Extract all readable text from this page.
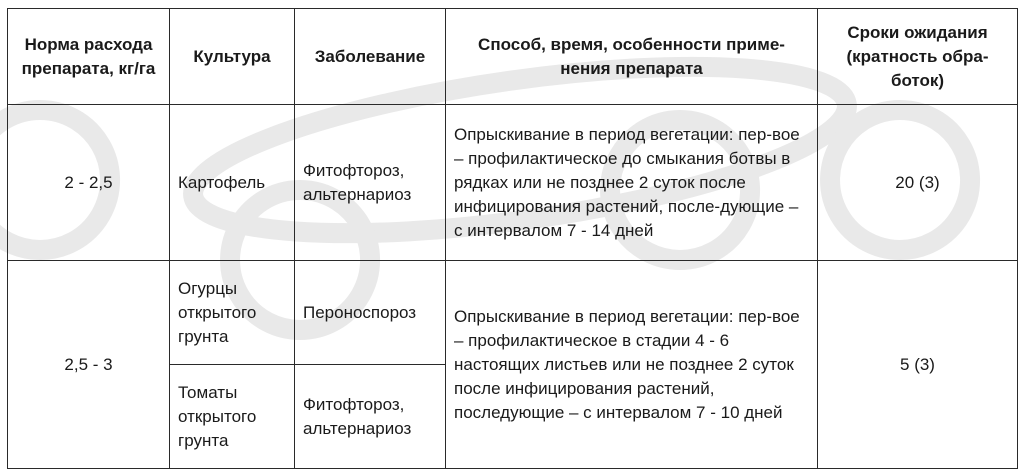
Норма расхода препарата, кг/га	Культура	Заболевание	Способ, время, особенности приме-нения препарата	Сроки ожидания (кратность обра-боток)
2 - 2,5	Картофель	Фитофтороз, альтернариоз	Опрыскивание в период вегетации: пер-вое – профилактическое до смыкания ботвы в рядках или не позднее 2 суток после инфицирования растений, после-дующие – с интервалом 7 - 14 дней	20 (3)
2,5 - 3	Огурцы открытого грунта	Пероноспороз	Опрыскивание в период вегетации: пер-вое – профилактическое в стадии 4 - 6 настоящих листьев или не позднее 2 суток после инфицирования растений, последующие – с интервалом 7 - 10 дней	5 (3)
	Томаты открытого грунта	Фитофтороз, альтернариоз		
